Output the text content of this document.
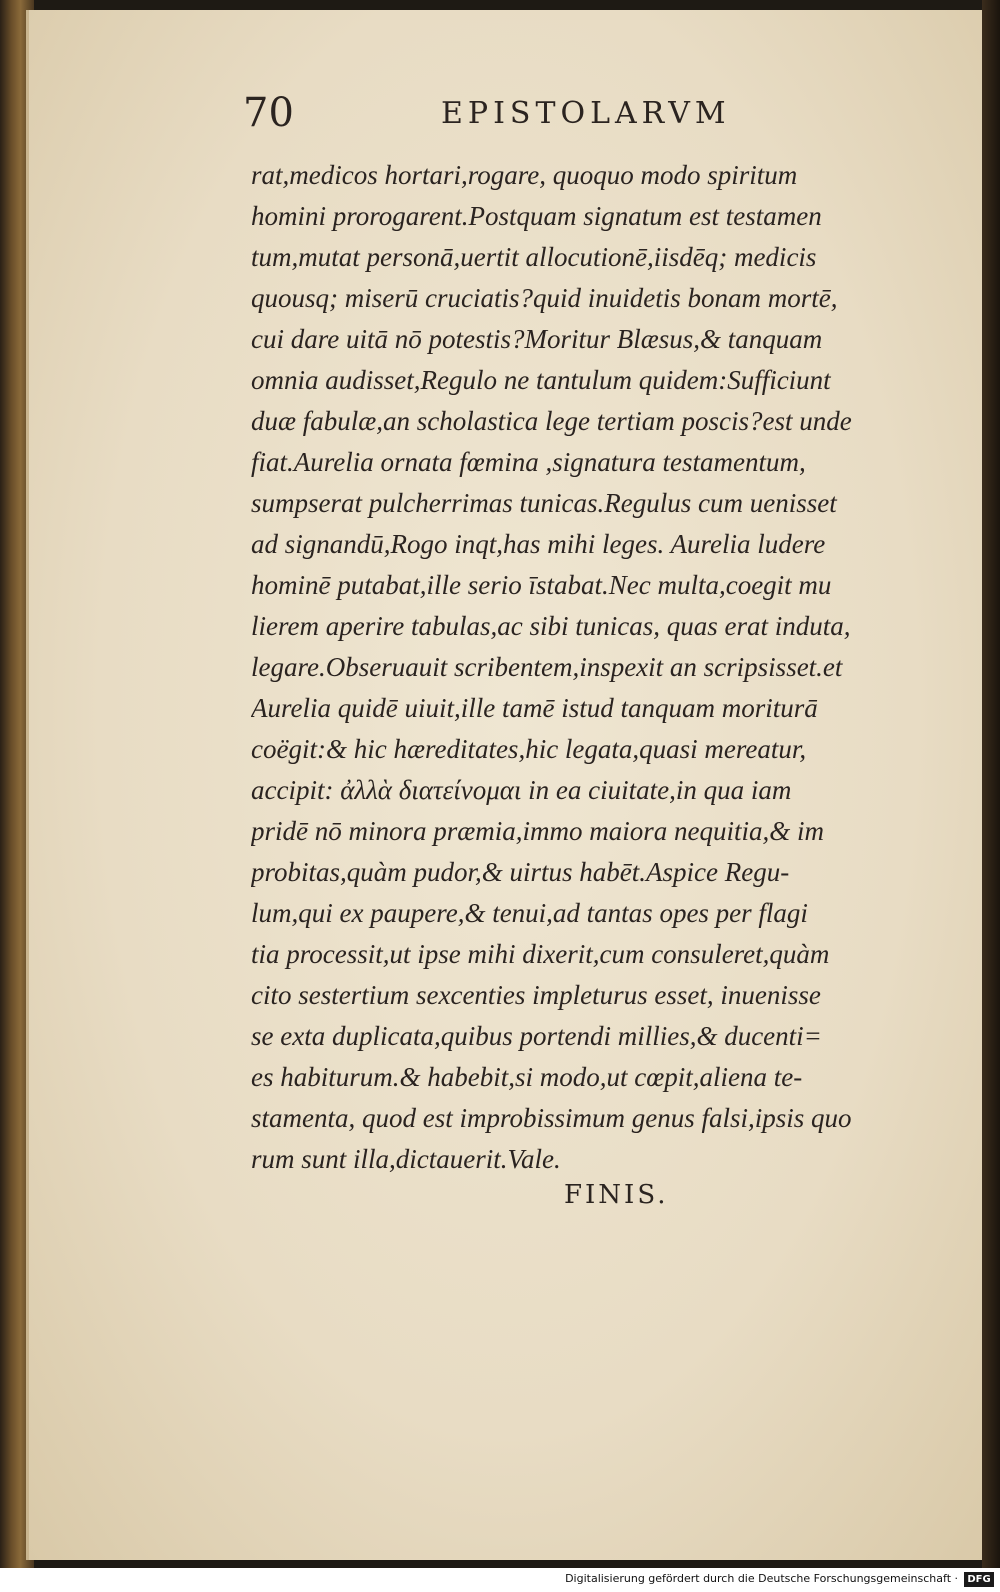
70	EPISTOLARVM
rat,medicos hortari,rogare, quoquo modo spiritum
homini prorogarent.Postquam signatum est testamen
tum,mutat personā,uertit allocutionē,iisdēq; medicis
quousq; miserū cruciatis?quid inuidetis bonam mortē,
cui dare uitā nō potestis?Moritur Blæsus,& tanquam
omnia audisset,Regulo ne tantulum quidem:Sufficiunt
duæ fabulæ,an scholastica lege tertiam poscis?est unde
fiat.Aurelia ornata fœmina ,signatura testamentum,
sumpserat pulcherrimas tunicas.Regulus cum uenisset
ad signandū,Rogo inqt,has mihi leges. Aurelia ludere
hominē putabat,ille serio īstabat.Nec multa,coegit mu
lierem aperire tabulas,ac sibi tunicas, quas erat induta,
legare.Obseruauit scribentem,inspexit an scripsisset.et
Aurelia quidē uiuit,ille tamē istud tanquam moriturā
coëgit:& hic hæreditates,hic legata,quasi mereatur,
accipit: ἀλλὰ διατείνομαι in ea ciuitate,in qua iam
pridē nō minora præmia,immo maiora nequitia,& im
probitas,quàm pudor,& uirtus habēt.Aspice Regu-
lum,qui ex paupere,& tenui,ad tantas opes per flagi
tia processit,ut ipse mihi dixerit,cum consuleret,quàm
cito sestertium sexcenties impleturus esset, inuenisse
se exta duplicata,quibus portendi millies,& ducenti=
es habiturum.& habebit,si modo,ut cœpit,aliena te-
stamenta, quod est improbissimum genus falsi,ipsis quo
rum sunt illa,dictauerit.Vale.
FINIS.
Digitalisierung gefördert durch die Deutsche Forschungsgemeinschaft · DFG
